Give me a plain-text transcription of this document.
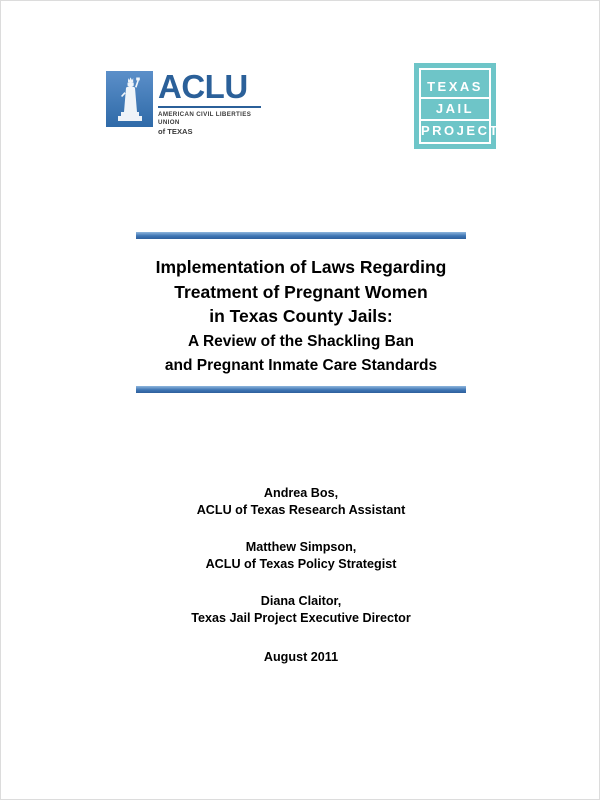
ACLU
AMERICAN CIVIL LIBERTIES UNION
of TEXAS
TEXAS
JAIL
PROJECT
Implementation of Laws Regarding
Treatment of Pregnant Women
in Texas County Jails:
A Review of the Shackling Ban
and Pregnant Inmate Care Standards
Andrea Bos,
ACLU of Texas Research Assistant
Matthew Simpson,
ACLU of Texas Policy Strategist
Diana Claitor,
Texas Jail Project Executive Director
August 2011
